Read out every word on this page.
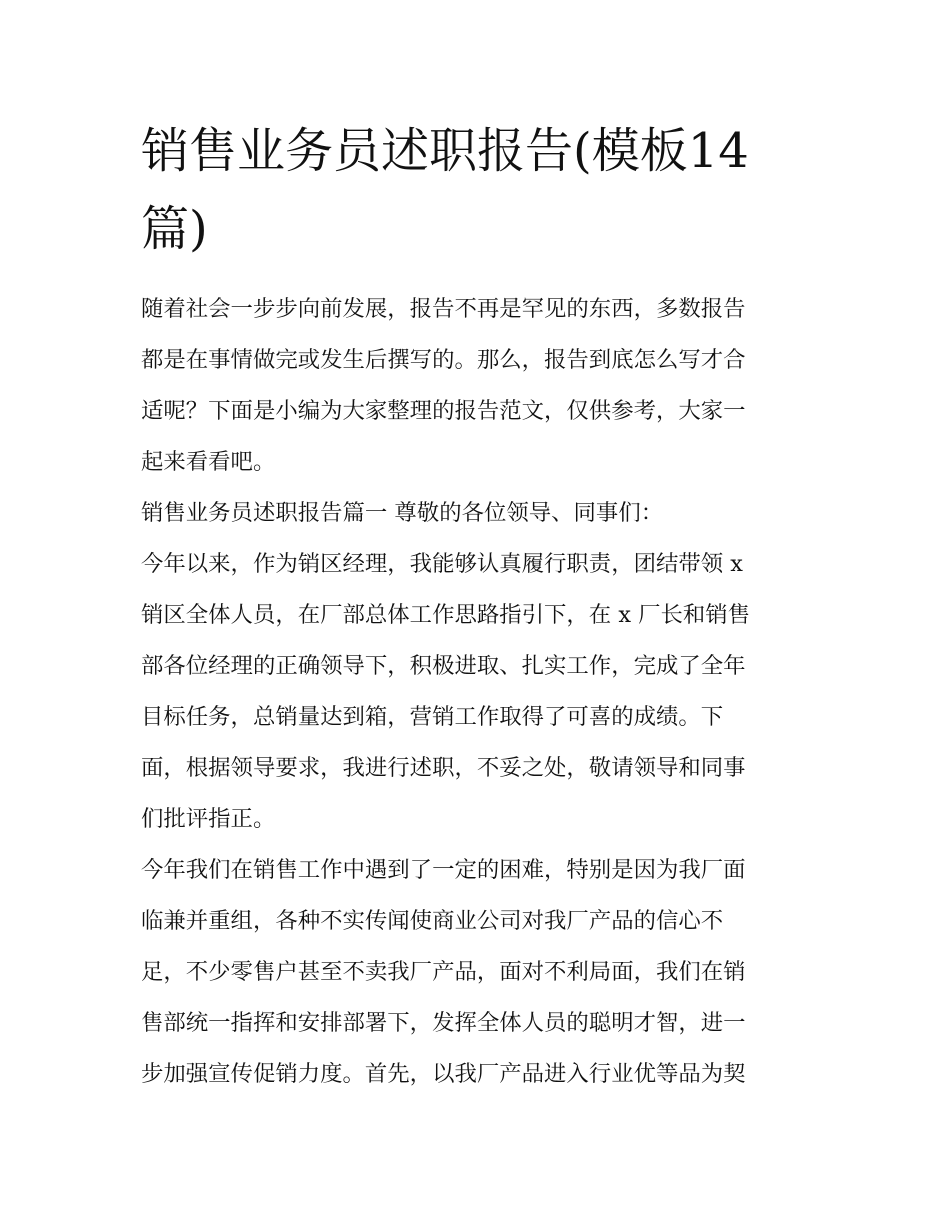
销售业务员述职报告(模板14
篇)

随着社会一步步向前发展，报告不再是罕见的东西，多数报告
都是在事情做完或发生后撰写的。那么，报告到底怎么写才合
适呢？下面是小编为大家整理的报告范文，仅供参考，大家一
起来看看吧。

销售业务员述职报告篇一 尊敬的各位领导、同事们：

今年以来，作为销区经理，我能够认真履行职责，团结带领 x
销区全体人员，在厂部总体工作思路指引下，在 x 厂长和销售
部各位经理的正确领导下，积极进取、扎实工作，完成了全年
目标任务，总销量达到箱，营销工作取得了可喜的成绩。下
面，根据领导要求，我进行述职，不妥之处，敬请领导和同事
们批评指正。

今年我们在销售工作中遇到了一定的困难，特别是因为我厂面
临兼并重组，各种不实传闻使商业公司对我厂产品的信心不
足，不少零售户甚至不卖我厂产品，面对不利局面，我们在销
售部统一指挥和安排部署下，发挥全体人员的聪明才智，进一
步加强宣传促销力度。首先，以我厂产品进入行业优等品为契
